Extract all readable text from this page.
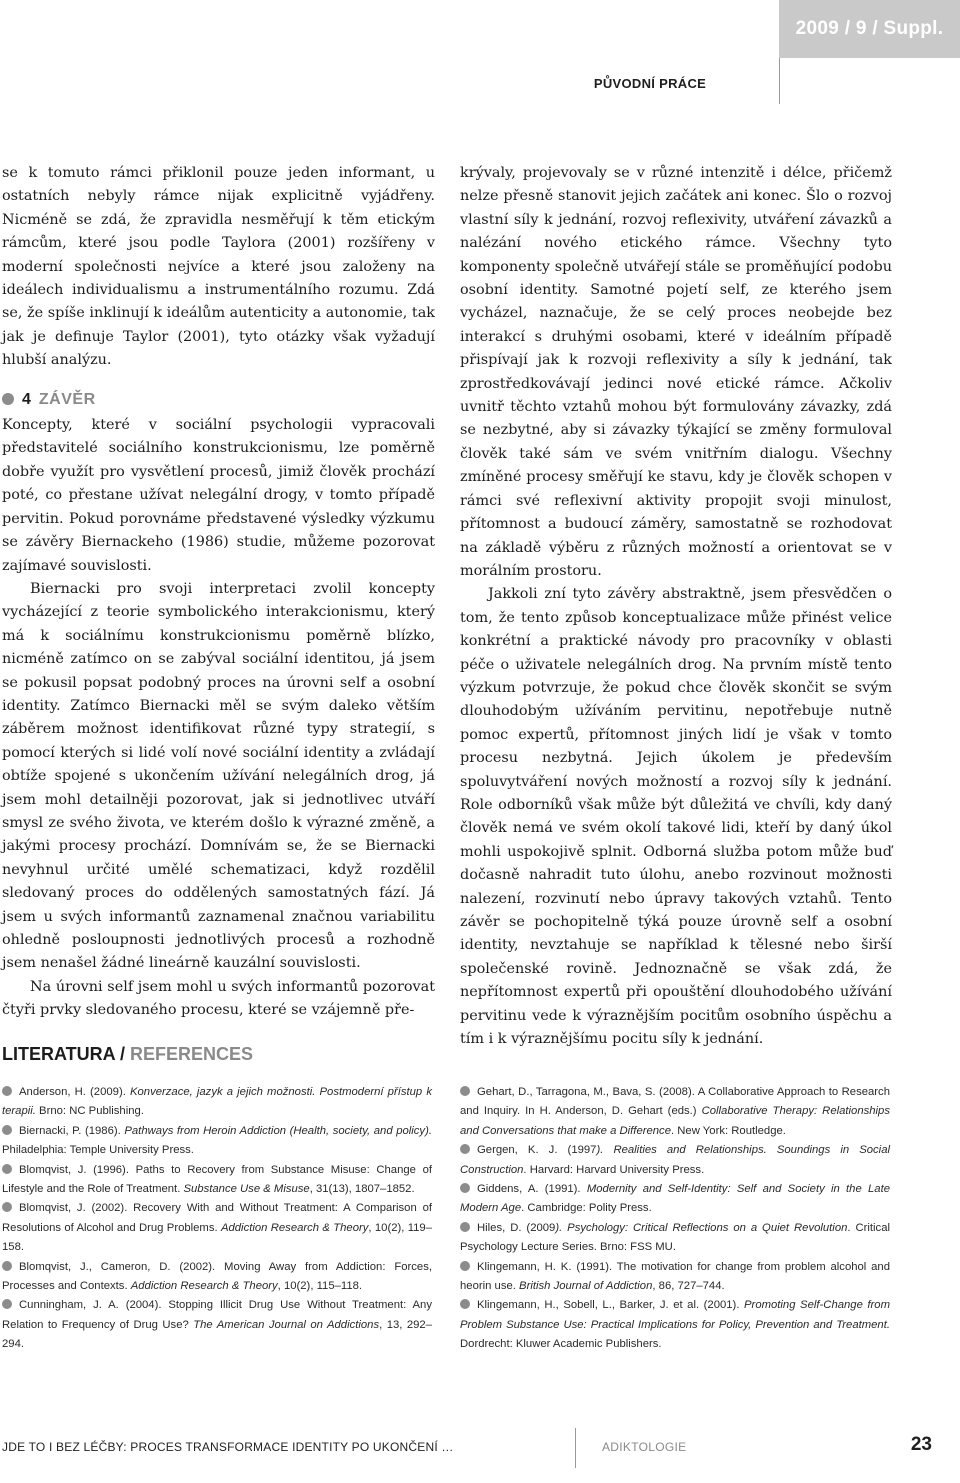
2009 / 9 / Suppl.
PŮVODNÍ PRÁCE

se k tomuto rámci přiklonil pouze jeden informant, u ostatních nebyly rámce nijak explicitně vyjádřeny. Nicméně se zdá, že zpravidla nesměřují k těm etickým rámcům, které jsou podle Taylora (2001) rozšířeny v moderní společnosti nejvíce a které jsou založeny na ideálech individualismu a instrumentálního rozumu. Zdá se, že spíše inklinují k ideálům autenticity a autonomie, tak jak je definuje Taylor (2001), tyto otázky však vyžadují hlubší analýzu.

4 ZÁVĚR

Koncepty, které v sociální psychologii vypracovali představitelé sociálního konstrukcionismu, lze poměrně dobře využít pro vysvětlení procesů, jimiž člověk prochází poté, co přestane užívat nelegální drogy, v tomto případě pervitin. Pokud porovnáme představené výsledky výzkumu se závěry Biernackeho (1986) studie, můžeme pozorovat zajímavé souvislosti.

Biernacki pro svoji interpretaci zvolil koncepty vycházející z teorie symbolického interakcionismu, který má k sociálnímu konstrukcionismu poměrně blízko, nicméně zatímco on se zabýval sociální identitou, já jsem se pokusil popsat podobný proces na úrovni self a osobní identity. Zatímco Biernacki měl se svým daleko větším záběrem možnost identifikovat různé typy strategií, s pomocí kterých si lidé volí nové sociální identity a zvládají obtíže spojené s ukončením užívání nelegálních drog, já jsem mohl detailněji pozorovat, jak si jednotlivec utváří smysl ze svého života, ve kterém došlo k výrazné změně, a jakými procesy prochází. Domnívám se, že se Biernacki nevyhnul určité umělé schematizaci, když rozdělil sledovaný proces do oddělených samostatných fází. Já jsem u svých informantů zaznamenal značnou variabilitu ohledně posloupnosti jednotlivých procesů a rozhodně jsem nenašel žádné lineárně kauzální souvislosti.

Na úrovni self jsem mohl u svých informantů pozorovat čtyři prvky sledovaného procesu, které se vzájemně pře-

krývaly, projevovaly se v různé intenzitě i délce, přičemž nelze přesně stanovit jejich začátek ani konec. Šlo o rozvoj vlastní síly k jednání, rozvoj reflexivity, utváření závazků a nalézání nového etického rámce. Všechny tyto komponenty společně utvářejí stále se proměňující podobu osobní identity. Samotné pojetí self, ze kterého jsem vycházel, naznačuje, že se celý proces neobejde bez interakcí s druhými osobami, které v ideálním případě přispívají jak k rozvoji reflexivity a síly k jednání, tak zprostředkovávají jedinci nové etické rámce. Ačkoliv uvnitř těchto vztahů mohou být formulovány závazky, zdá se nezbytné, aby si závazky týkající se změny formuloval člověk také sám ve svém vnitřním dialogu. Všechny zmíněné procesy směřují ke stavu, kdy je člověk schopen v rámci své reflexivní aktivity propojit svoji minulost, přítomnost a budoucí záměry, samostatně se rozhodovat na základě výběru z různých možností a orientovat se v morálním prostoru.

Jakkoli zní tyto závěry abstraktně, jsem přesvědčen o tom, že tento způsob konceptualizace může přinést velice konkrétní a praktické návody pro pracovníky v oblasti péče o uživatele nelegálních drog. Na prvním místě tento výzkum potvrzuje, že pokud chce člověk skončit se svým dlouhodobým užíváním pervitinu, nepotřebuje nutně pomoc expertů, přítomnost jiných lidí je však v tomto procesu nezbytná. Jejich úkolem je především spoluvytváření nových možností a rozvoj síly k jednání. Role odborníků však může být důležitá ve chvíli, kdy daný člověk nemá ve svém okolí takové lidi, kteří by daný úkol mohli uspokojivě splnit. Odborná služba potom může buď dočasně nahradit tuto úlohu, anebo rozvinout možnosti nalezení, rozvinutí nebo úpravy takových vztahů. Tento závěr se pochopitelně týká pouze úrovně self a osobní identity, nevztahuje se například k tělesné nebo širší společenské rovině. Jednoznačně se však zdá, že nepřítomnost expertů při opouštění dlouhodobého užívání pervitinu vede k výraznějším pocitům osobního úspěchu a tím i k výraznějšímu pocitu síly k jednání.

LITERATURA / REFERENCES

Anderson, H. (2009). Konverzace, jazyk a jejich možnosti. Postmoderní přístup k terapii. Brno: NC Publishing.

Biernacki, P. (1986). Pathways from Heroin Addiction (Health, society, and policy). Philadelphia: Temple University Press.

Blomqvist, J. (1996). Paths to Recovery from Substance Misuse: Change of Lifestyle and the Role of Treatment. Substance Use & Misuse, 31(13), 1807–1852.

Blomqvist, J. (2002). Recovery With and Without Treatment: A Comparison of Resolutions of Alcohol and Drug Problems. Addiction Research & Theory, 10(2), 119–158.

Blomqvist, J., Cameron, D. (2002). Moving Away from Addiction: Forces, Processes and Contexts. Addiction Research & Theory, 10(2), 115–118.

Cunningham, J. A. (2004). Stopping Illicit Drug Use Without Treatment: Any Relation to Frequency of Drug Use? The American Journal on Addictions, 13, 292–294.

Gehart, D., Tarragona, M., Bava, S. (2008). A Collaborative Approach to Research and Inquiry. In H. Anderson, D. Gehart (eds.) Collaborative Therapy: Relationships and Conversations that make a Difference. New York: Routledge.

Gergen, K. J. (1997). Realities and Relationships. Soundings in Social Construction. Harvard: Harvard University Press.

Giddens, A. (1991). Modernity and Self-Identity: Self and Society in the Late Modern Age. Cambridge: Polity Press.

Hiles, D. (2009). Psychology: Critical Reflections on a Quiet Revolution. Critical Psychology Lecture Series. Brno: FSS MU.

Klingemann, H. K. (1991). The motivation for change from problem alcohol and heorin use. British Journal of Addiction, 86, 727–744.

Klingemann, H., Sobell, L., Barker, J. et al. (2001). Promoting Self-Change from Problem Substance Use: Practical Implications for Policy, Prevention and Treatment. Dordrecht: Kluwer Academic Publishers.

JDE TO I BEZ LÉČBY: PROCES TRANSFORMACE IDENTITY PO UKONČENÍ …	ADIKTOLOGIE	23
